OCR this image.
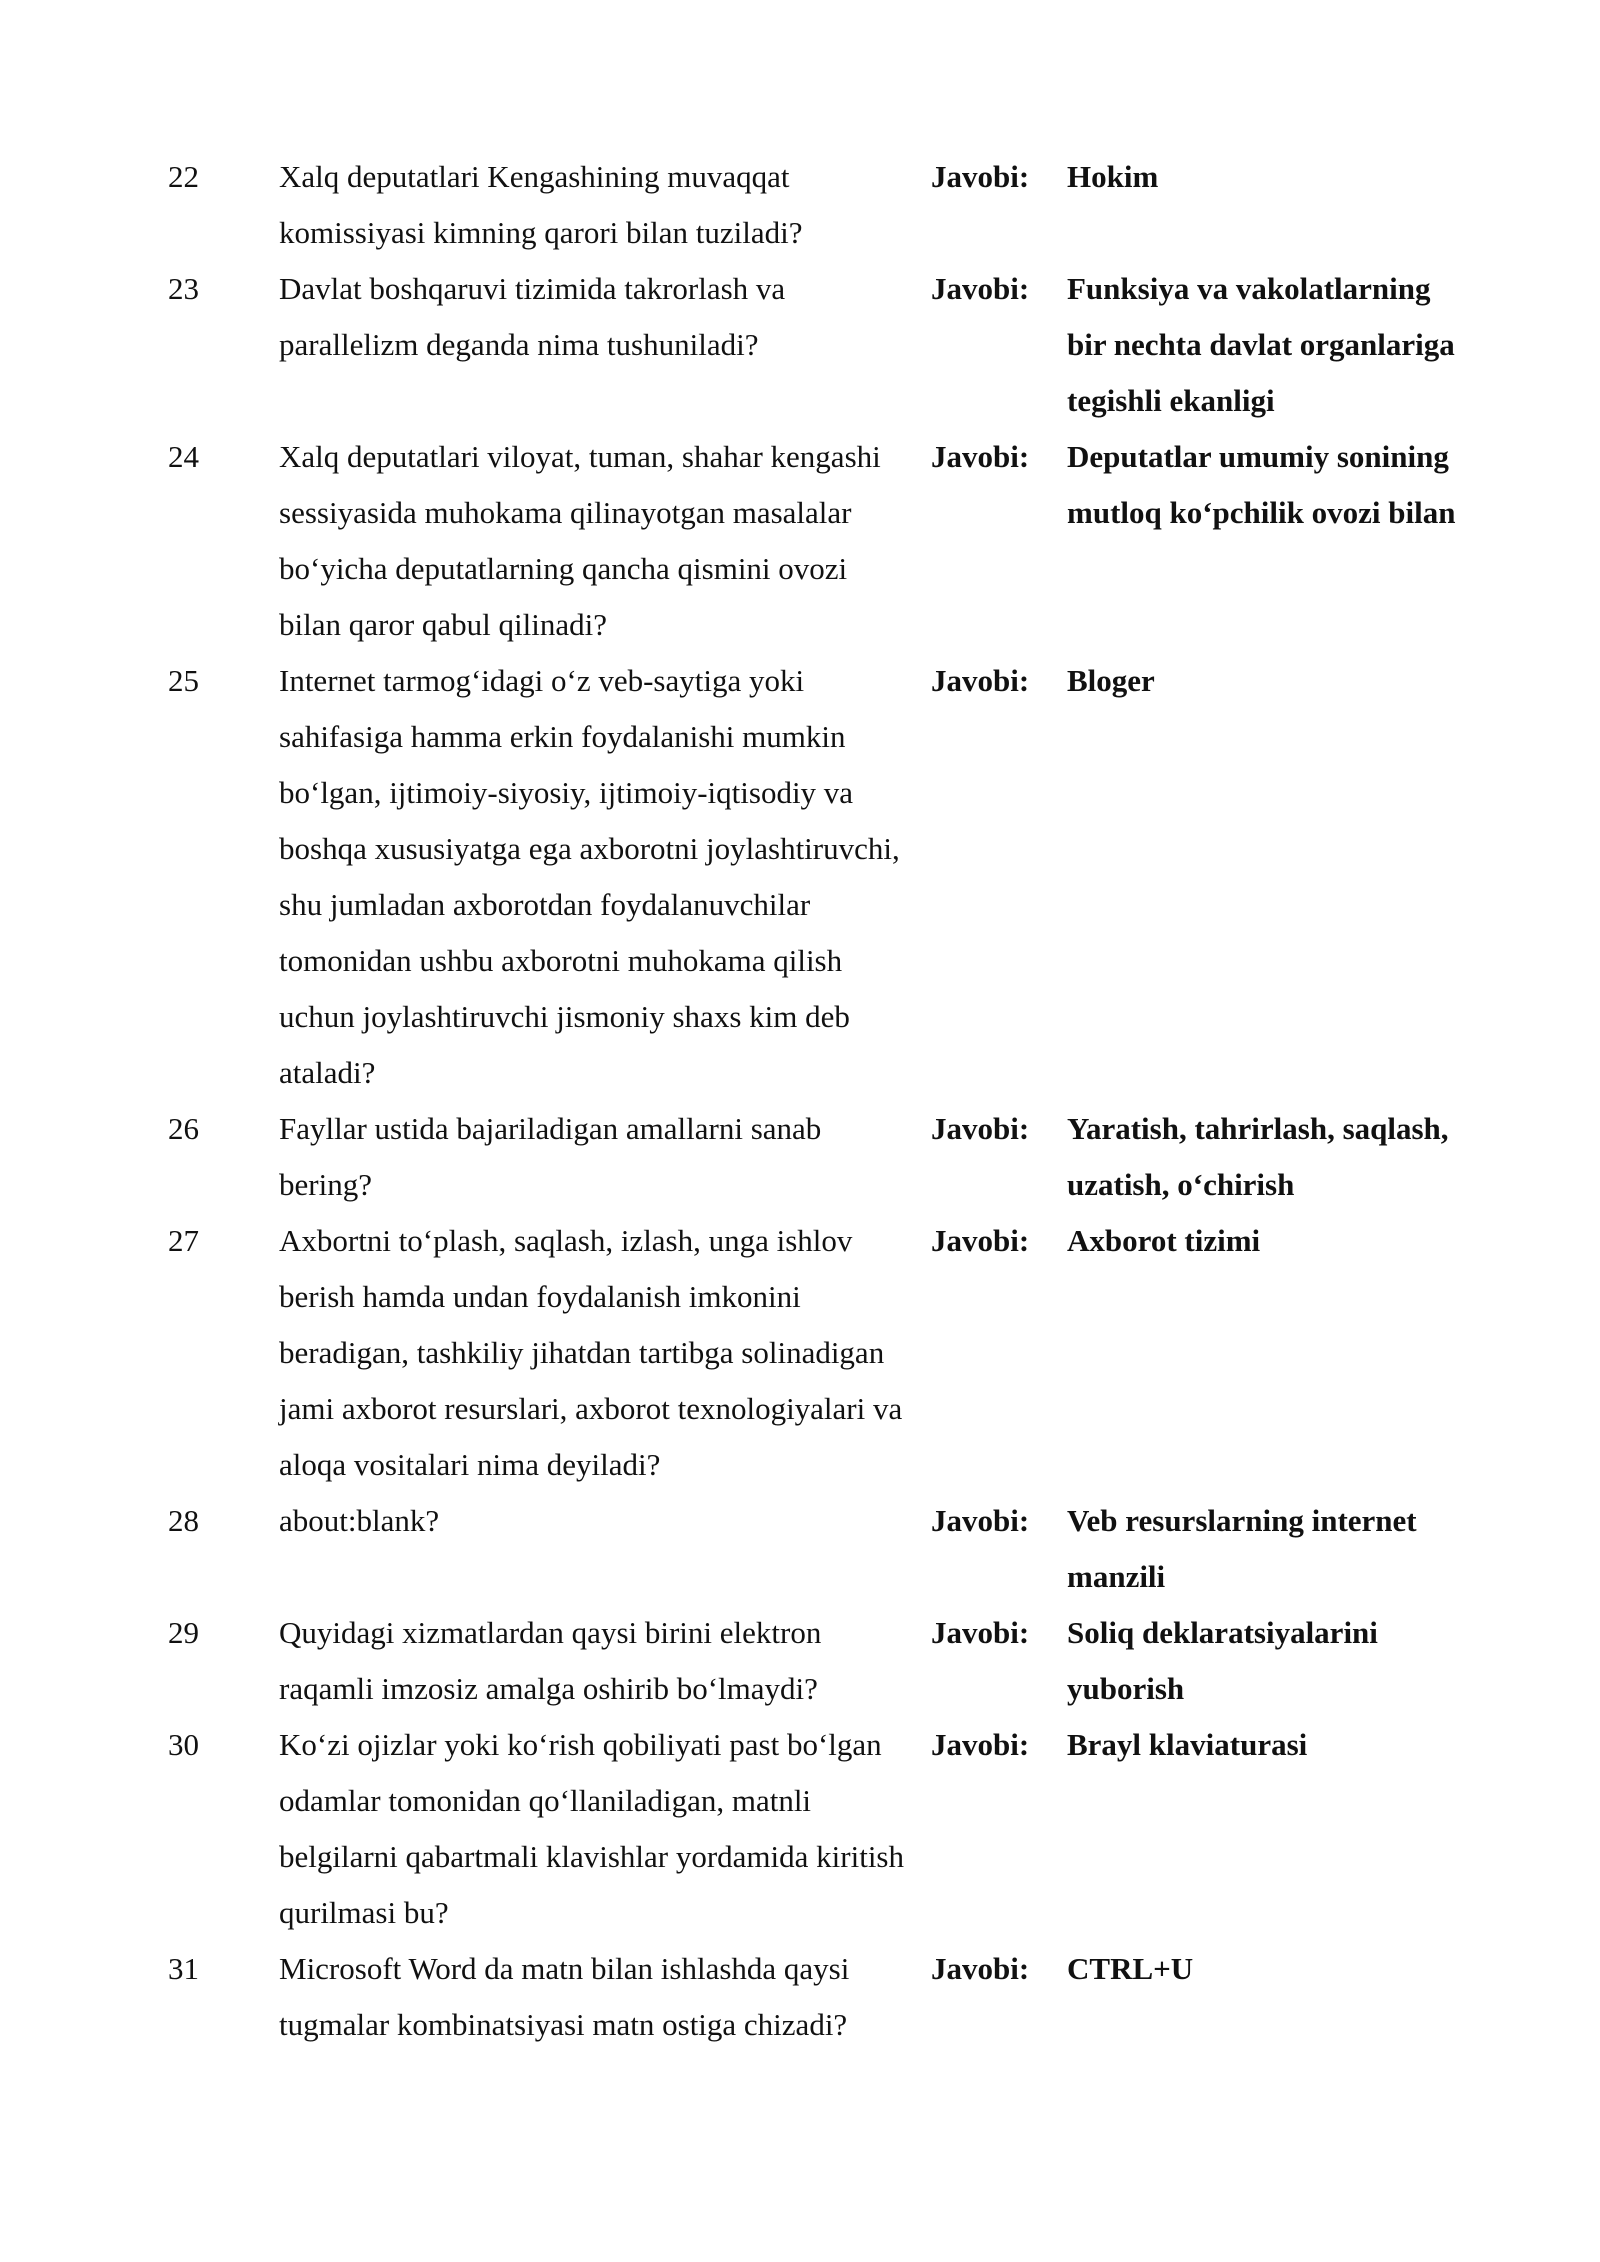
22	Xalq deputatlari Kengashining muvaqqat
komissiyasi kimning qarori bilan tuziladi?
Javobi:	Hokim
23	Davlat boshqaruvi tizimida takrorlash va
parallelizm deganda nima tushuniladi?
Javobi:	Funksiya va vakolatlarning
bir nechta davlat organlariga
tegishli ekanligi
24	Xalq deputatlari viloyat, tuman, shahar kengashi
sessiyasida muhokama qilinayotgan masalalar
bo‘yicha deputatlarning qancha qismini ovozi
bilan qaror qabul qilinadi?
Javobi:	Deputatlar umumiy sonining
mutloq ko‘pchilik ovozi bilan
25	Internet tarmog‘idagi o‘z veb-saytiga yoki
sahifasiga hamma erkin foydalanishi mumkin
bo‘lgan, ijtimoiy-siyosiy, ijtimoiy-iqtisodiy va
boshqa xususiyatga ega axborotni joylashtiruvchi,
shu jumladan axborotdan foydalanuvchilar
tomonidan ushbu axborotni muhokama qilish
uchun joylashtiruvchi jismoniy shaxs kim deb
ataladi?
Javobi:	Bloger
26	Fayllar ustida bajariladigan amallarni sanab
bering?
Javobi:	Yaratish, tahrirlash, saqlash,
uzatish, o‘chirish
27	Axbortni to‘plash, saqlash, izlash, unga ishlov
berish hamda undan foydalanish imkonini
beradigan, tashkiliy jihatdan tartibga solinadigan
jami axborot resurslari, axborot texnologiyalari va
aloqa vositalari nima deyiladi?
Javobi:	Axborot tizimi
28	about:blank?	Javobi:	Veb resurslarning internet
manzili
29	Quyidagi xizmatlardan qaysi birini elektron
raqamli imzosiz amalga oshirib bo‘lmaydi?
Javobi:	Soliq deklaratsiyalarini
yuborish
30	Ko‘zi ojizlar yoki ko‘rish qobiliyati past bo‘lgan
odamlar tomonidan qo‘llaniladigan, matnli
belgilarni qabartmali klavishlar yordamida kiritish
qurilmasi bu?
Javobi:	Brayl klaviaturasi
31	Microsoft Word da matn bilan ishlashda qaysi
tugmalar kombinatsiyasi matn ostiga chizadi?
Javobi:	CTRL+U
